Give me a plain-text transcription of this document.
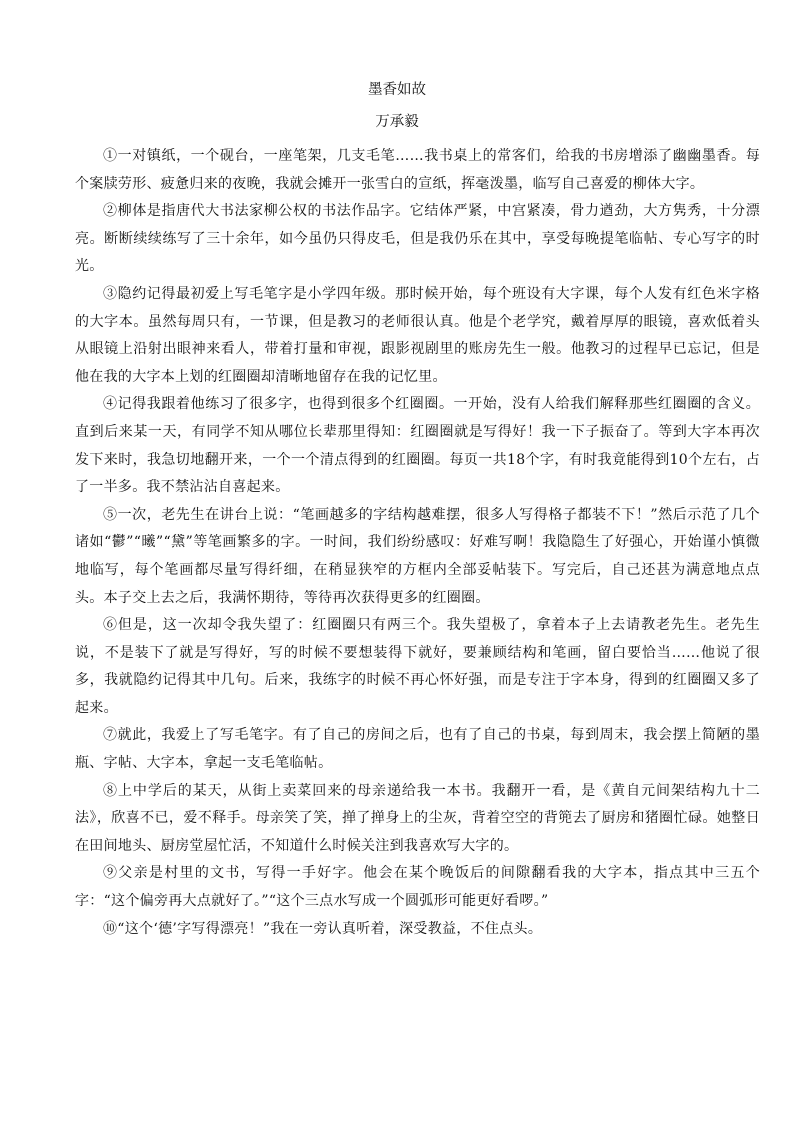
墨香如故
万承毅

①一对镇纸，一个砚台，一座笔架，几支毛笔……我书桌上的常客们，给我的书房增添了幽幽墨香。每个案牍劳形、疲惫归来的夜晚，我就会摊开一张雪白的宣纸，挥毫泼墨，临写自己喜爱的柳体大字。

②柳体是指唐代大书法家柳公权的书法作品字。它结体严紧，中宫紧凑，骨力遒劲，大方隽秀，十分漂亮。断断续续练写了三十余年，如今虽仍只得皮毛，但是我仍乐在其中，享受每晚提笔临帖、专心写字的时光。

③隐约记得最初爱上写毛笔字是小学四年级。那时候开始，每个班设有大字课，每个人发有红色米字格的大字本。虽然每周只有，一节课，但是教习的老师很认真。他是个老学究，戴着厚厚的眼镜，喜欢低着头从眼镜上沿射出眼神来看人，带着打量和审视，跟影视剧里的账房先生一般。他教习的过程早已忘记，但是他在我的大字本上划的红圈圈却清晰地留存在我的记忆里。

④记得我跟着他练习了很多字，也得到很多个红圈圈。一开始，没有人给我们解释那些红圈圈的含义。直到后来某一天，有同学不知从哪位长辈那里得知：红圈圈就是写得好！我一下子振奋了。等到大字本再次发下来时，我急切地翻开来，一个一个清点得到的红圈圈。每页一共18个字，有时我竟能得到10个左右，占了一半多。我不禁沾沾自喜起来。

⑤一次，老先生在讲台上说：“笔画越多的字结构越难摆，很多人写得格子都装不下！”然后示范了几个诸如“鬱”“曦”“黛”等笔画繁多的字。一时间，我们纷纷感叹：好难写啊！我隐隐生了好强心，开始谨小慎微地临写，每个笔画都尽量写得纤细，在稍显狭窄的方框内全部妥帖装下。写完后，自己还甚为满意地点点头。本子交上去之后，我满怀期待，等待再次获得更多的红圈圈。

⑥但是，这一次却令我失望了：红圈圈只有两三个。我失望极了，拿着本子上去请教老先生。老先生说，不是装下了就是写得好，写的时候不要想装得下就好，要兼顾结构和笔画，留白要恰当……他说了很多，我就隐约记得其中几句。后来，我练字的时候不再心怀好强，而是专注于字本身，得到的红圈圈又多了起来。

⑦就此，我爱上了写毛笔字。有了自己的房间之后，也有了自己的书桌，每到周末，我会摆上简陋的墨瓶、字帖、大字本，拿起一支毛笔临帖。

⑧上中学后的某天，从街上卖菜回来的母亲递给我一本书。我翻开一看，是《黄自元间架结构九十二法》，欣喜不已，爱不释手。母亲笑了笑，掸了掸身上的尘灰，背着空空的背篼去了厨房和猪圈忙碌。她整日在田间地头、厨房堂屋忙活，不知道什么时候关注到我喜欢写大字的。

⑨父亲是村里的文书，写得一手好字。他会在某个晚饭后的间隙翻看我的大字本，指点其中三五个字：“这个偏旁再大点就好了。”“这个三点水写成一个圆弧形可能更好看啰。”

⑩“这个‘德’字写得漂亮！”我在一旁认真听着，深受教益，不住点头。
